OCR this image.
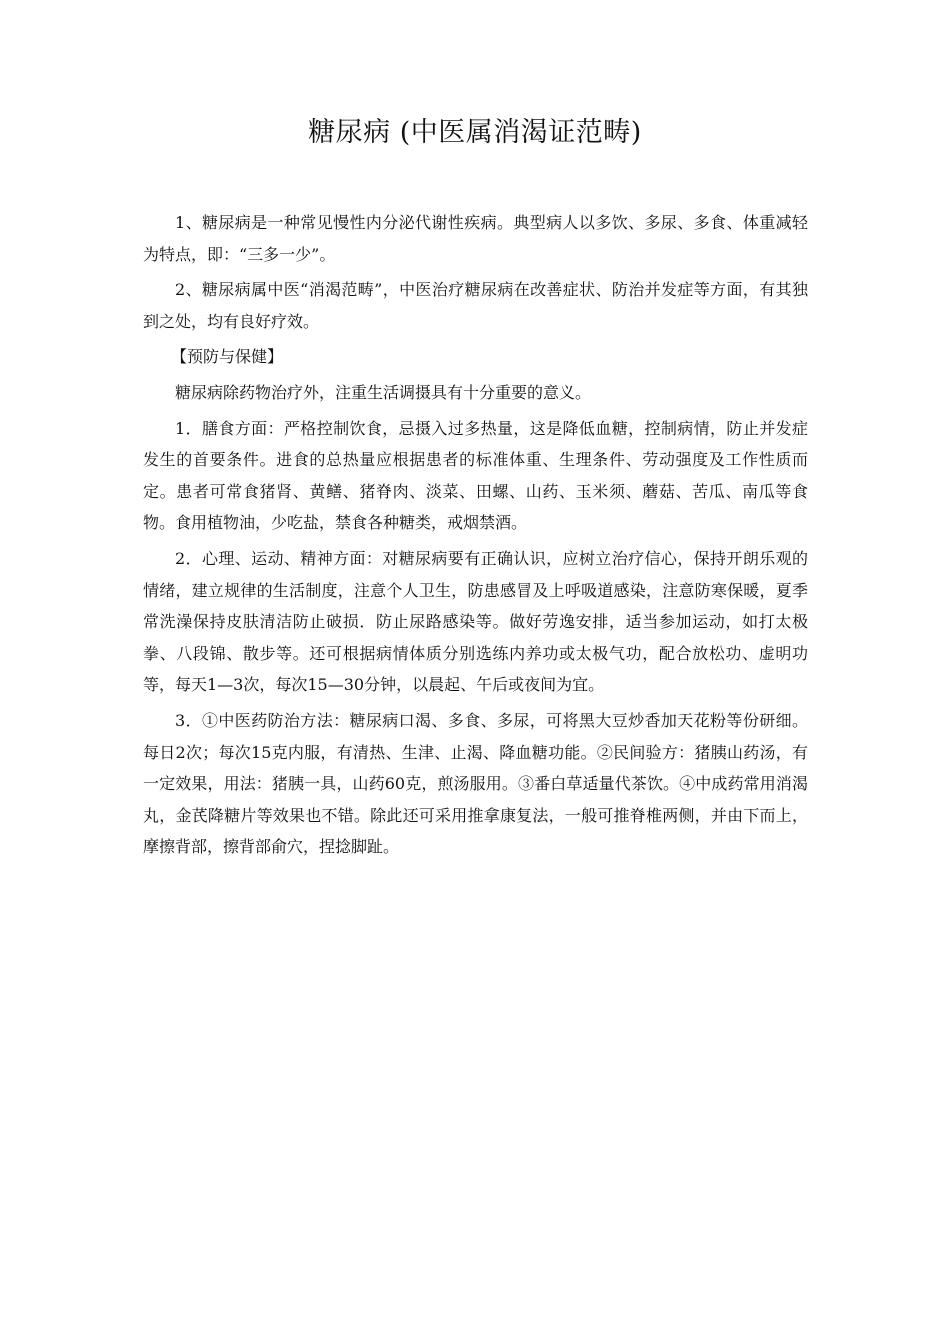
糖尿病 (中医属消渴证范畴)

1、糖尿病是一种常见慢性内分泌代谢性疾病。典型病人以多饮、多尿、多食、体重减轻为特点，即：“三多一少”。

2、糖尿病属中医“消渴范畴”，中医治疗糖尿病在改善症状、防治并发症等方面，有其独到之处，均有良好疗效。

【预防与保健】

糖尿病除药物治疗外，注重生活调摄具有十分重要的意义。

1．膳食方面：严格控制饮食，忌摄入过多热量，这是降低血糖，控制病情，防止并发症发生的首要条件。进食的总热量应根据患者的标准体重、生理条件、劳动强度及工作性质而定。患者可常食猪肾、黄鳝、猪脊肉、淡菜、田螺、山药、玉米须、蘑菇、苦瓜、南瓜等食物。食用植物油，少吃盐，禁食各种糖类，戒烟禁酒。

2．心理、运动、精神方面：对糖尿病要有正确认识，应树立治疗信心，保持开朗乐观的情绪，建立规律的生活制度，注意个人卫生，防患感冒及上呼吸道感染，注意防寒保暖，夏季常洗澡保持皮肤清洁防止破损．防止尿路感染等。做好劳逸安排，适当参加运动，如打太极拳、八段锦、散步等。还可根据病情体质分别选练内养功或太极气功，配合放松功、虚明功等，每天1—3次，每次15—30分钟，以晨起、午后或夜间为宜。

3．①中医药防治方法：糖尿病口渴、多食、多尿，可将黑大豆炒香加天花粉等份研细。每日2次；每次15克内服，有清热、生津、止渴、降血糖功能。②民间验方：猪胰山药汤，有一定效果，用法：猪胰一具，山药60克，煎汤服用。③番白草适量代茶饮。④中成药常用消渴丸，金芪降糖片等效果也不错。除此还可采用推拿康复法，一般可推脊椎两侧，并由下而上，摩擦背部，擦背部俞穴，捏捻脚趾。
